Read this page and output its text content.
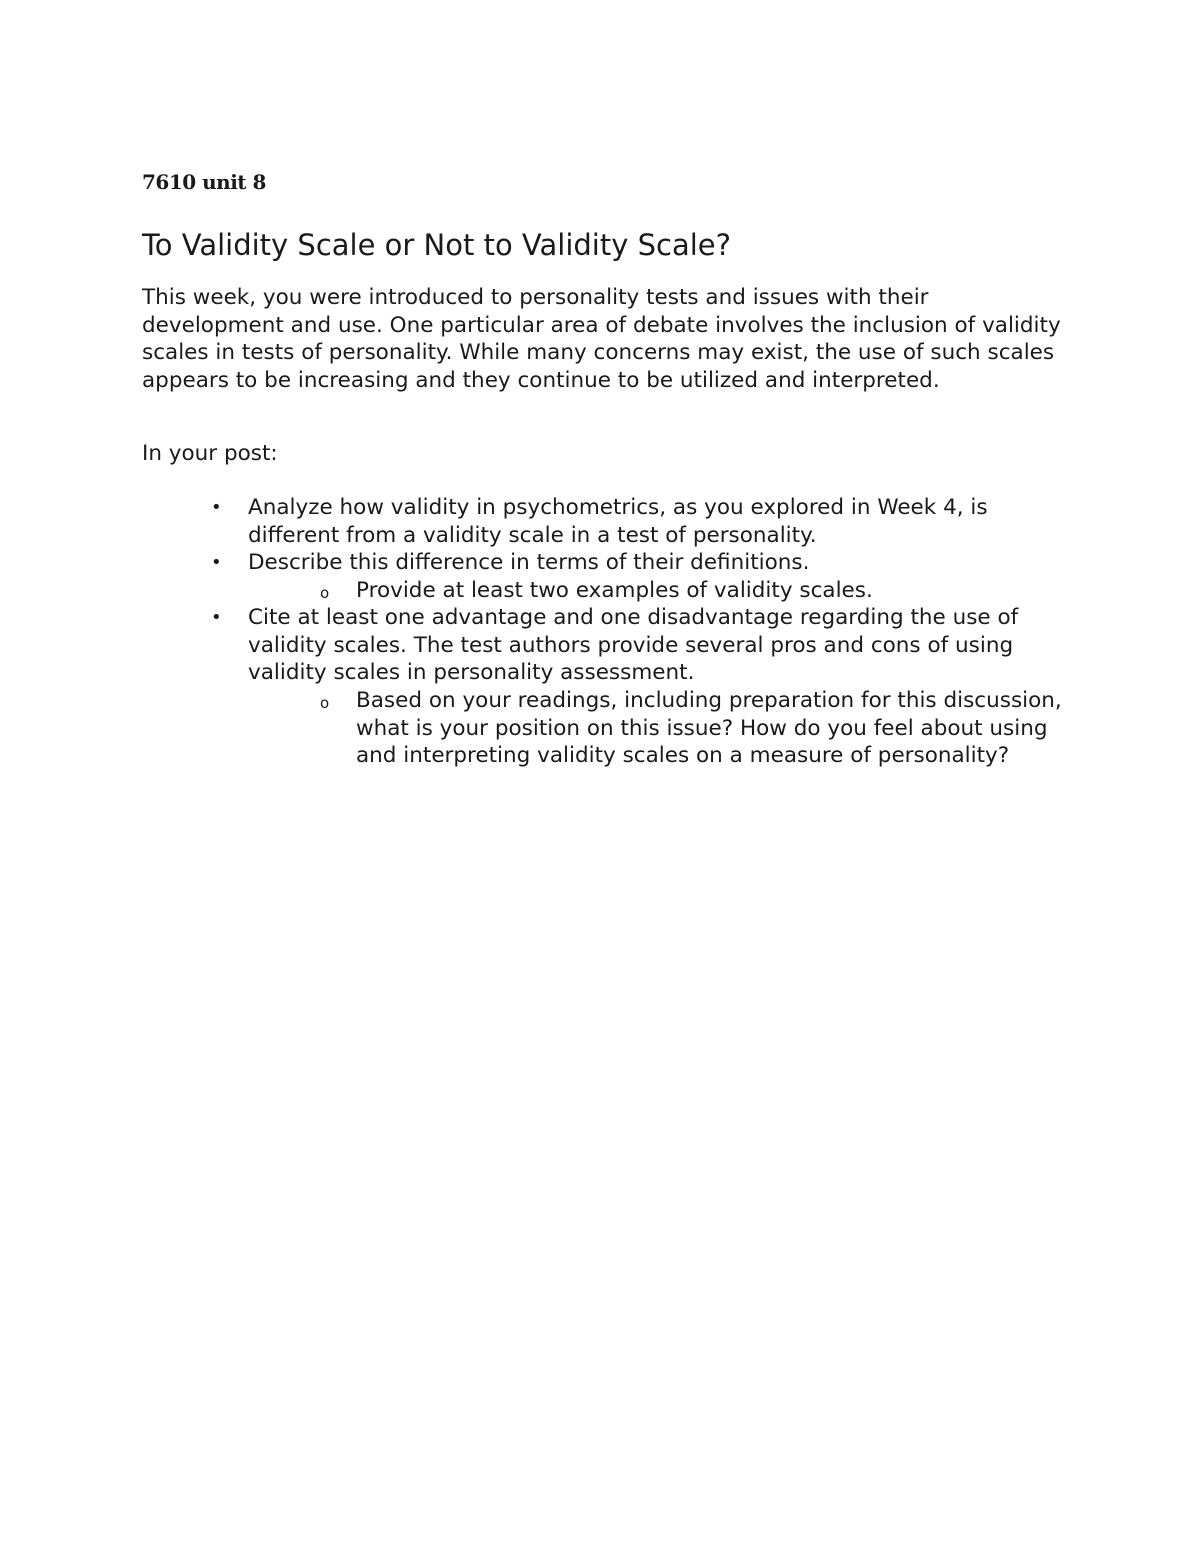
7610 unit 8

To Validity Scale or Not to Validity Scale?

This week, you were introduced to personality tests and issues with their development and use. One particular area of debate involves the inclusion of validity scales in tests of personality. While many concerns may exist, the use of such scales appears to be increasing and they continue to be utilized and interpreted.

In your post:

• Analyze how validity in psychometrics, as you explored in Week 4, is different from a validity scale in a test of personality.

• Describe this difference in terms of their definitions.

o Provide at least two examples of validity scales.

• Cite at least one advantage and one disadvantage regarding the use of validity scales. The test authors provide several pros and cons of using validity scales in personality assessment.

o Based on your readings, including preparation for this discussion, what is your position on this issue? How do you feel about using and interpreting validity scales on a measure of personality?
